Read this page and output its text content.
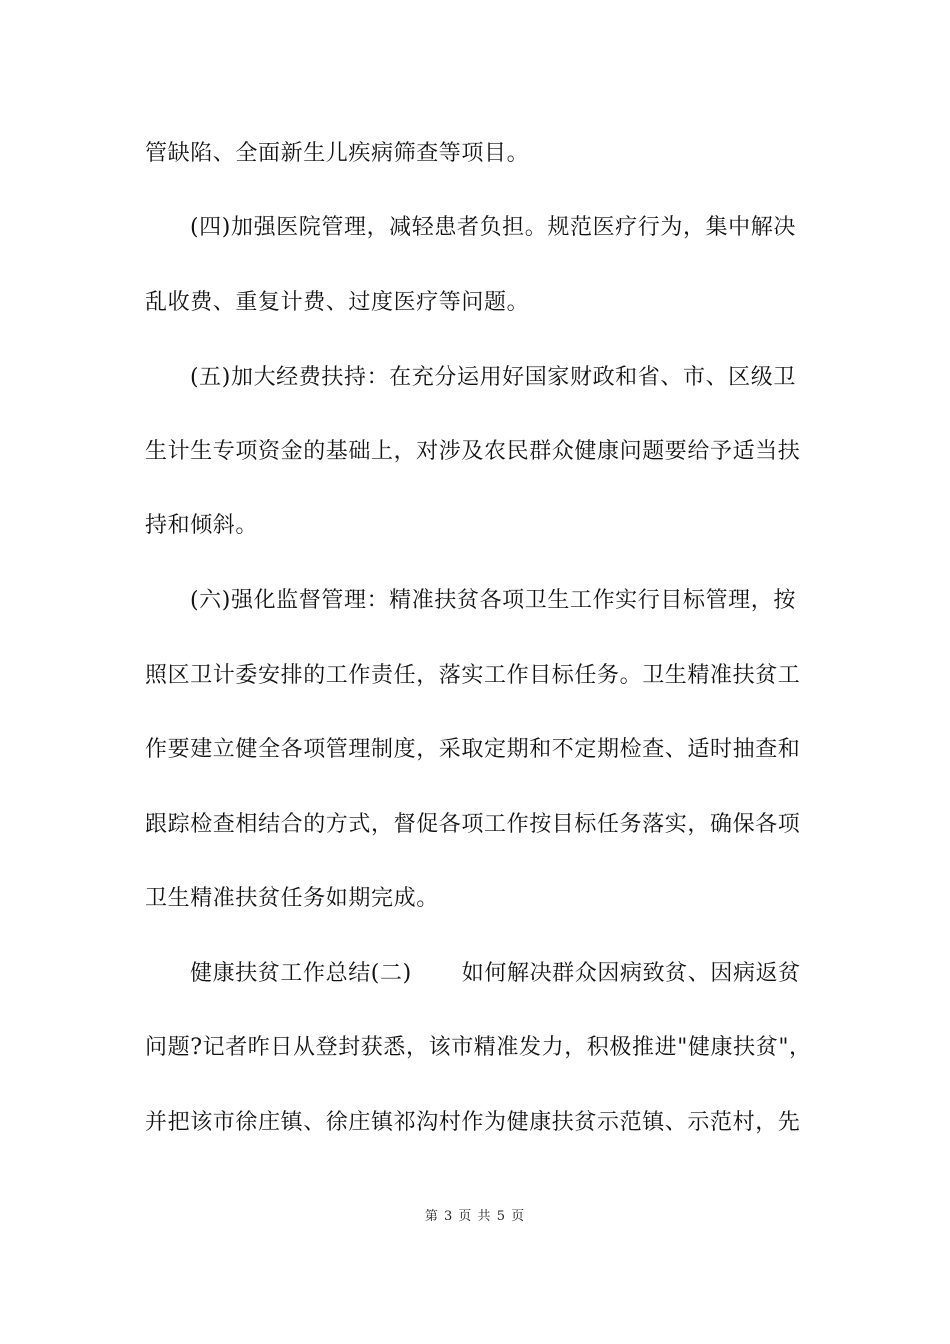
管缺陷、全面新生儿疾病筛查等项目。
(四)加强医院管理，减轻患者负担。规范医疗行为，集中解决
乱收费、重复计费、过度医疗等问题。
(五)加大经费扶持：在充分运用好国家财政和省、市、区级卫
生计生专项资金的基础上，对涉及农民群众健康问题要给予适当扶
持和倾斜。
(六)强化监督管理：精准扶贫各项卫生工作实行目标管理，按
照区卫计委安排的工作责任，落实工作目标任务。卫生精准扶贫工
作要建立健全各项管理制度，采取定期和不定期检查、适时抽查和
跟踪检查相结合的方式，督促各项工作按目标任务落实，确保各项
卫生精准扶贫任务如期完成。
健康扶贫工作总结(二) 如何解决群众因病致贫、因病返贫
问题?记者昨日从登封获悉，该市精准发力，积极推进"健康扶贫"，
并把该市徐庄镇、徐庄镇祁沟村作为健康扶贫示范镇、示范村，先
第 3 页 共 5 页
